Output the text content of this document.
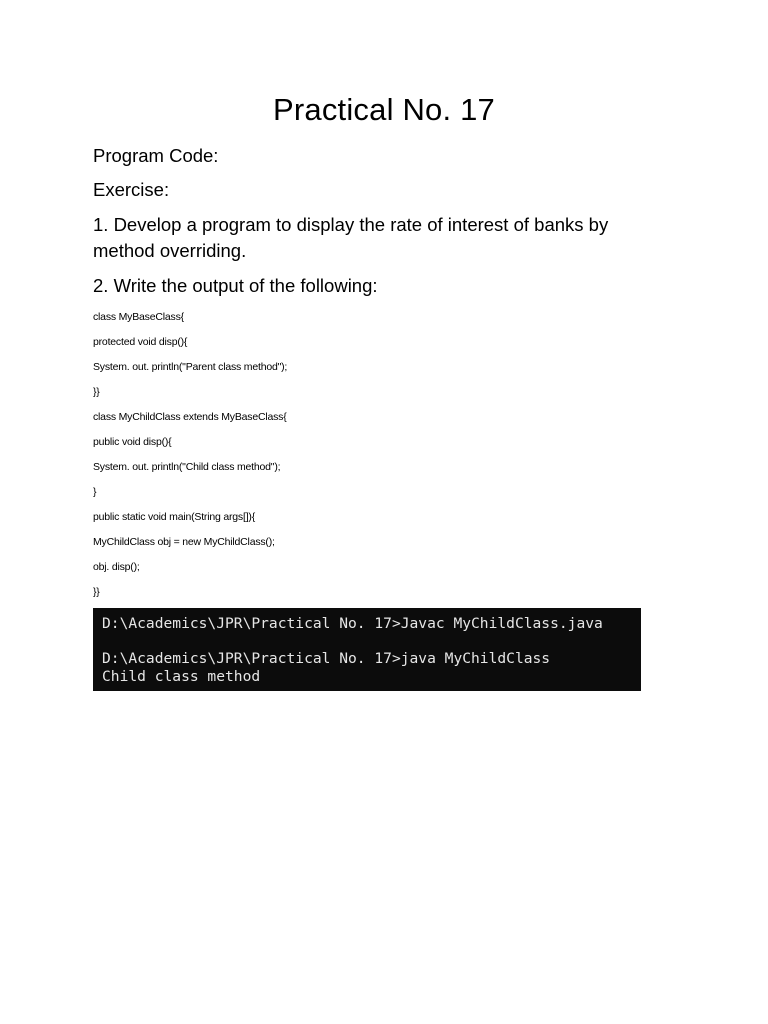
Practical No. 17
Program Code:
Exercise:
1. Develop a program to display the rate of interest of banks by method overriding.
2. Write the output of the following:
class MyBaseClass{
protected void disp(){
System. out. println("Parent class method");
}}
class MyChildClass extends MyBaseClass{
public void disp(){
System. out. println("Child class method");
}
public static void main(String args[]){
MyChildClass obj = new MyChildClass();
obj. disp();
}}
D:\Academics\JPR\Practical No. 17>Javac MyChildClass.java
D:\Academics\JPR\Practical No. 17>java MyChildClass
Child class method
